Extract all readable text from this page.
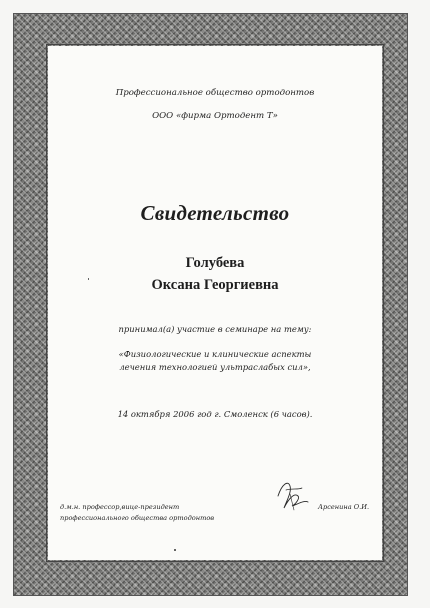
Профессиональное общество ортодонтов
ООО «фирма Ортодент Т»
Свидетельство
Голубева
Оксана Георгиевна
принимал(а) участие в семинаре на тему:
«Физиологические и клинические аспекты
лечения технологией ультраслабых сил»,
14 октября 2006 год г. Смоленск (6 часов).
д.м.н. профессор,вице-президент
профессионального общества ортодонтов
Арсенина О.И.
